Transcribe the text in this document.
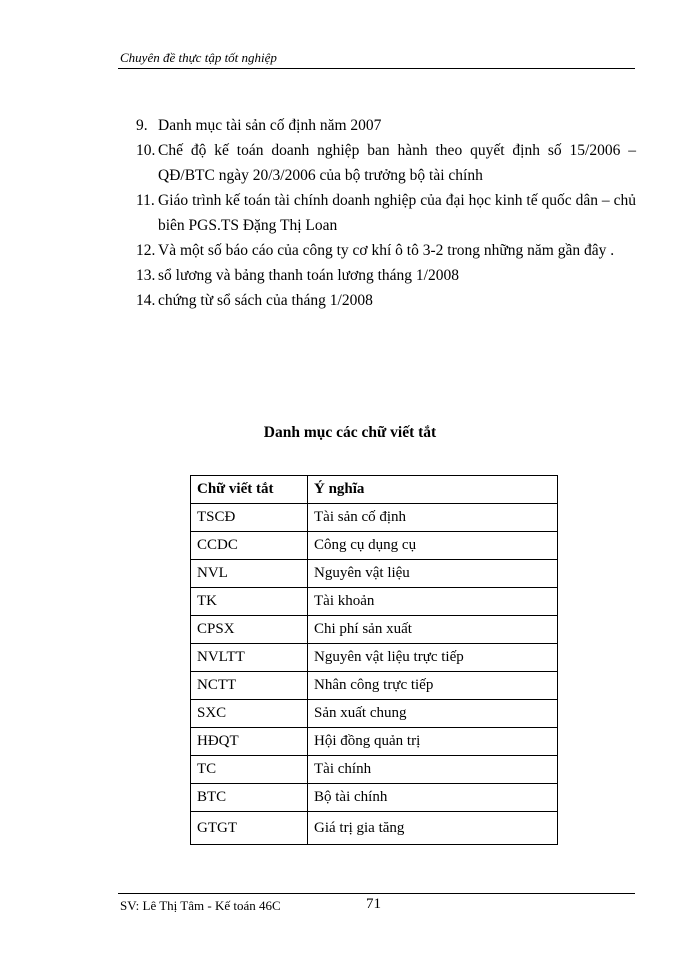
Chuyên đề thực tập tốt nghiệp
9. Danh mục tài sản cố định năm 2007
10. Chế độ kế toán doanh nghiệp ban hành theo quyết định số 15/2006 – QĐ/BTC ngày 20/3/2006 của bộ trưởng bộ tài chính
11. Giáo trình kế toán tài chính doanh nghiệp của đại học kinh tế quốc dân – chủ biên PGS.TS Đặng Thị Loan
12. Và một số báo cáo của công ty cơ khí ô tô 3-2 trong những năm gần đây .
13. sổ lương và bảng thanh toán lương tháng 1/2008
14. chứng từ sổ sách của tháng 1/2008
Danh mục các chữ viết tắt
Chữ viết tắt	Ý nghĩa
TSCĐ	Tài sản cố định
CCDC	Công cụ dụng cụ
NVL	Nguyên vật liệu
TK	Tài khoản
CPSX	Chi phí sản xuất
NVLTT	Nguyên vật liệu trực tiếp
NCTT	Nhân công trực tiếp
SXC	Sản xuất chung
HĐQT	Hội đồng quản trị
TC	Tài chính
BTC	Bộ tài chính
GTGT	Giá trị gia tăng
SV: Lê Thị Tâm - Kế toán 46C	71
